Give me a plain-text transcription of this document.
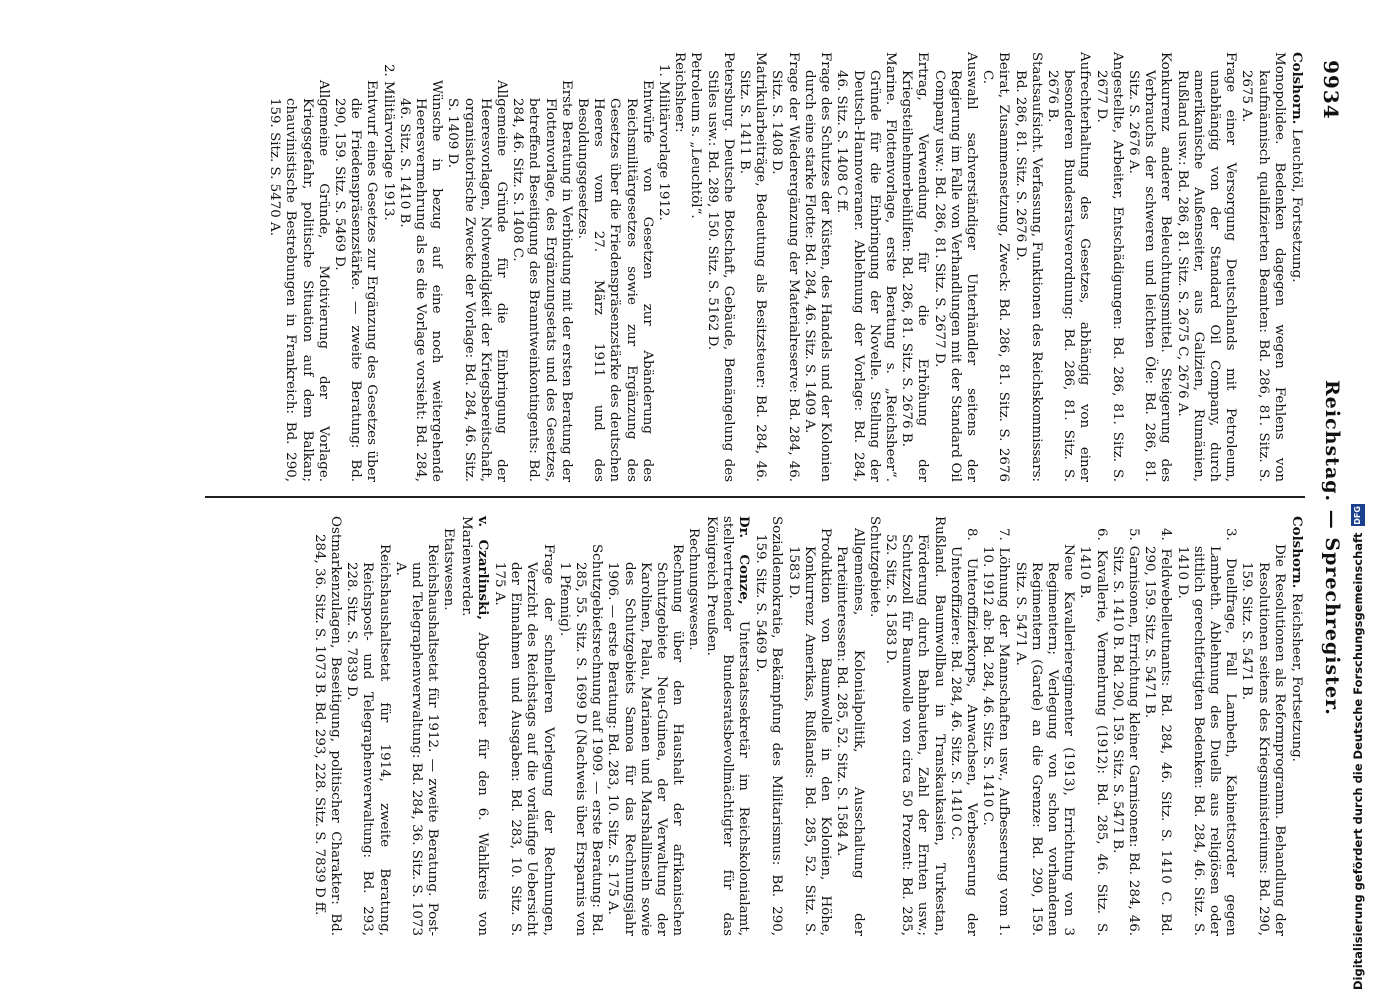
9934
Reichstag. — Sprechregister.
Colshorn. Leuchtöl, Fortsetzung.
Monopolidee. Bedenken dagegen wegen Fehlens von kaufmännisch qualifizierten Beamten: Bd. 286, 81. Sitz. S. 2675 A.
Frage einer Versorgung Deutschlands mit Petroleum, unabhängig von der Standard Oil Company, durch amerikanische Außenseiter, aus Galizien, Rumänien, Rußland usw.: Bd. 286, 81. Sitz. S. 2675 C, 2676 A.
Konkurrenz anderer Beleuchtungsmittel. Steigerung des Verbrauchs der schweren und leichten Öle: Bd. 286, 81. Sitz. S. 2676 A.
Angestellte, Arbeiter, Entschädigungen: Bd. 286, 81. Sitz. S. 2677 D.
Aufrechterhaltung des Gesetzes, abhängig von einer besonderen Bundesratsverordnung: Bd. 286, 81. Sitz. S. 2676 B.
Staatsaufsicht. Verfassung, Funktionen des Reichskommissars: Bd. 286, 81. Sitz. S. 2676 D.
Beirat, Zusammensetzung, Zweck: Bd. 286, 81. Sitz. S. 2676 C.
Auswahl sachverständiger Unterhändler seitens der Regierung im Falle von Verhandlungen mit der Standard Oil Company usw.: Bd. 286, 81. Sitz. S. 2677 D.
Ertrag, Verwendung für die Erhöhung der Kriegsteilnehmerbeihilfen: Bd. 286, 81. Sitz. S. 2676 B.
Marine. Flottenvorlage, erste Beratung s. „Reichsheer“. Gründe für die Einbringung der Novelle. Stellung der Deutsch-Hannoveraner. Ablehnung der Vorlage: Bd. 284, 46. Sitz. S. 1408 C ff.
Frage des Schutzes der Küsten, des Handels und der Kolonien durch eine starke Flotte: Bd. 284, 46. Sitz. S. 1409 A.
Frage der Wiederergänzung der Materialreserve: Bd. 284, 46. Sitz. S. 1408 D.
Matrikularbeiträge, Bedeutung als Besitzsteuer: Bd. 284, 46. Sitz. S. 1411 B.
Petersburg. Deutsche Botschaft, Gebäude, Bemängelung des Stiles usw.: Bd. 289, 150. Sitz. S. 5162 D.
Petroleum s. „Leuchtöl“.
Reichsheer:
1. Militärvorlage 1912.
Entwürfe von Gesetzen zur Abänderung des Reichsmilitärgesetzes sowie zur Ergänzung des Gesetzes über die Friedenspräsenzstärke des deutschen Heeres vom 27. März 1911 und des Besoldungsgesetzes.
Erste Beratung in Verbindung mit der ersten Beratung der Flottenvorlage, des Ergänzungsetats und des Gesetzes, betreffend Beseitigung des Branntweinkontingents: Bd. 284, 46. Sitz. S. 1408 C.
Allgemeine Gründe für die Einbringung der Heeresvorlagen, Notwendigkeit der Kriegsbereitschaft, organisatorische Zwecke der Vorlage: Bd. 284, 46. Sitz. S. 1409 D.
Wünsche in bezug auf eine noch weitergehende Heeresvermehrung als es die Vorlage vorsieht: Bd. 284, 46. Sitz. S. 1410 B.
2. Militärvorlage 1913.
Entwurf eines Gesetzes zur Ergänzung des Gesetzes über die Friedenspräsenzstärke. — zweite Beratung: Bd. 290, 159. Sitz. S. 5469 D.
Allgemeine Gründe, Motivierung der Vorlage. Kriegsgefahr, politische Situation auf dem Balkan; chauvinistische Bestrebungen in Frankreich: Bd. 290, 159. Sitz. S. 5470 A.
Colshorn. Reichsheer, Fortsetzung.
Die Resolutionen als Reformprogramm. Behandlung der Resolutionen seitens des Kriegsministeriums: Bd. 290, 159. Sitz. S. 5471 B.
3. Duellfrage, Fall Lambeth, Kabinettsorder gegen Lambeth. Ablehnung des Duells aus religiösen oder sittlich gerechtfertigten Bedenken: Bd. 284, 46. Sitz. S. 1410 D.
4. Feldwebelleutnants: Bd. 284, 46. Sitz. S. 1410 C. Bd. 290, 159. Sitz. S. 5471 B.
5. Garnisonen, Errichtung kleiner Garnisonen: Bd. 284, 46. Sitz. S. 1410 B. Bd. 290, 159. Sitz. S. 5471 B.
6. Kavallerie, Vermehrung (1912): Bd. 285, 46. Sitz. S. 1410 B.
Neue Kavallerieregimenter (1913), Errichtung von 3 Regimentern; Verlegung von schon vorhandenen Regimentern (Garde) an die Grenze: Bd. 290, 159. Sitz. S. 5471 A.
7. Löhnung der Mannschaften usw., Aufbesserung vom 1. 10. 1912 ab: Bd. 284, 46. Sitz. S. 1410 C.
8. Unteroffizierkorps, Anwachsen, Verbesserung der Unteroffiziere: Bd. 284, 46. Sitz. S. 1410 C.
Rußland. Baumwollbau in Transkaukasien, Turkestan, Förderung durch Bahnbauten, Zahl der Ernten usw.; Schutzzoll für Baumwolle von circa 50 Prozent: Bd. 285, 52. Sitz. S. 1583 D.
Schutzgebiete.
Allgemeines, Kolonialpolitik, Ausschaltung der Parteiinteressen: Bd. 285, 52. Sitz. S. 1584 A.
Produktion von Baumwolle in den Kolonien, Höhe, Konkurrenz Amerikas, Rußlands: Bd. 285, 52. Sitz. S. 1583 D.
Sozialdemokratie, Bekämpfung des Militarismus: Bd. 290, 159. Sitz. S. 5469 D.
Dr. Conze, Unterstaatssekretär im Reichskolonialamt, stellvertretender Bundesratsbevollmächtigter für das Königreich Preußen.
Rechnungswesen.
Rechnung über den Haushalt der afrikanischen Schutzgebiete Neu-Guinea, der Verwaltung der Karolinen, Palau, Marianen und Marshallinseln sowie des Schutzgebiets Samoa für das Rechnungsjahr 1906. — erste Beratung: Bd. 283, 10. Sitz. S. 175 A.
Schutzgebietsrechnung auf 1909. — erste Beratung: Bd. 285, 55. Sitz. S. 1699 D (Nachweis über Ersparnis von 1 Pfennig).
Frage der schnelleren Vorlegung der Rechnungen, Verzicht des Reichstags auf die vorläufige Uebersicht der Einnahmen und Ausgaben: Bd. 283, 10. Sitz. S. 175 A.
v. Czarlinski, Abgeordneter für den 6. Wahlkreis von Marienwerder.
Etatswesen.
Reichshaushaltsetat für 1912. — zweite Beratung. Post- und Telegraphenverwaltung: Bd. 284, 36. Sitz. S. 1073 A.
Reichshaushaltsetat für 1914, zweite Beratung, Reichspost- und Telegraphenverwaltung: Bd. 293, 228. Sitz. S. 7839 D.
Ostmarkenzulagen, Beseitigung, politischer Charakter: Bd. 284, 36. Sitz. S. 1073 B. Bd. 293, 228. Sitz. S. 7839 D ff.	Digitalisierung gefördert durch die Deutsche Forschungsgemeinschaft
DFG
